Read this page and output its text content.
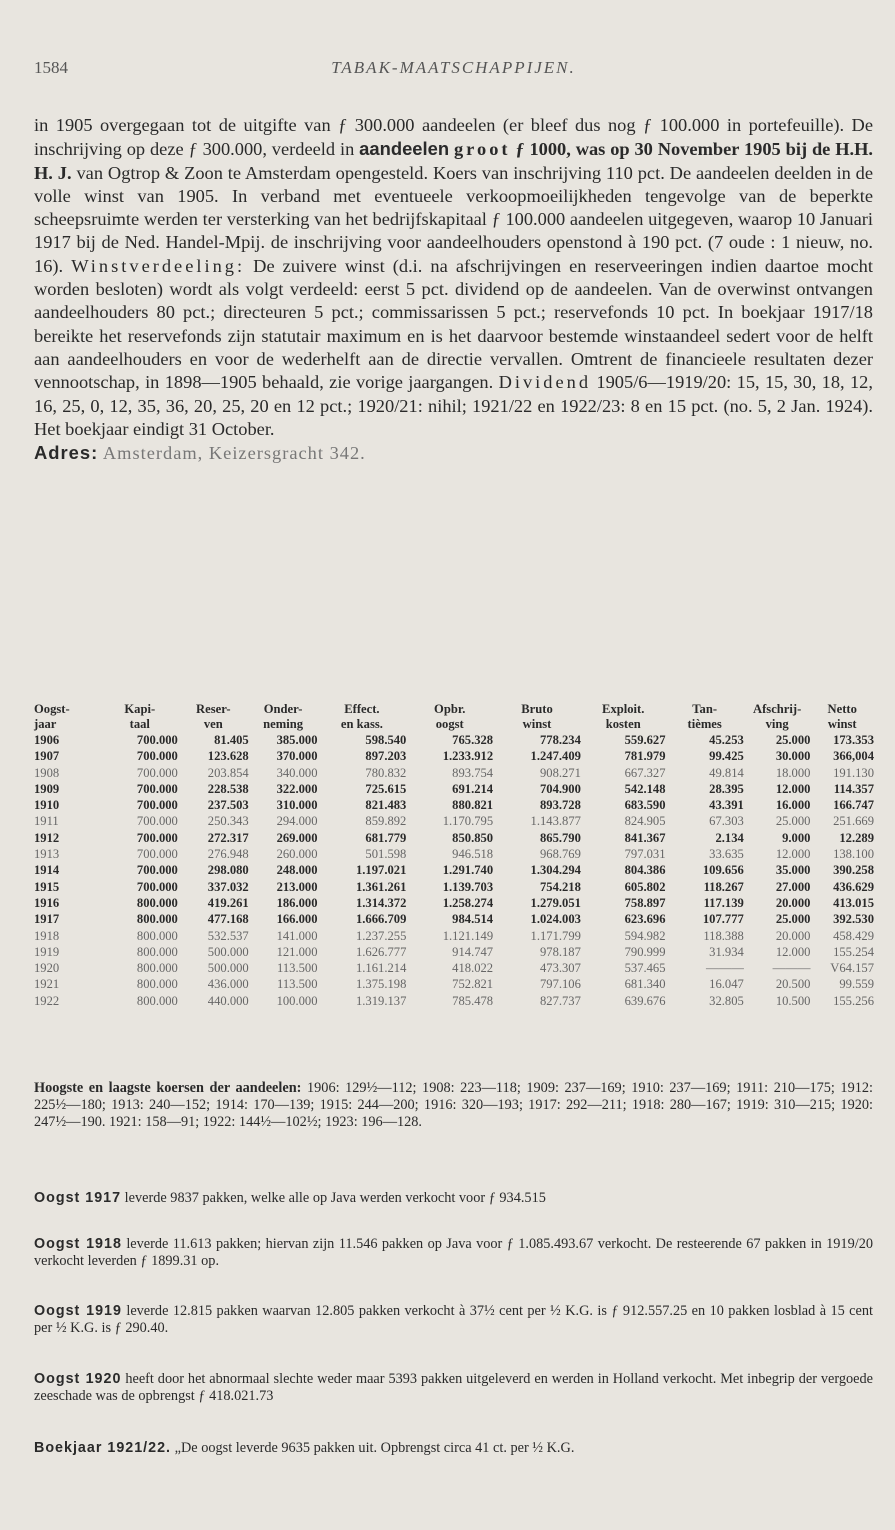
1584	TABAK-MAATSCHAPPIJEN.
in 1905 overgegaan tot de uitgifte van ƒ 300.000 aandeelen (er bleef dus nog ƒ 100.000 in portefeuille). De inschrijving op deze ƒ 300.000, verdeeld in aandeelen groot ƒ 1000, was op 30 November 1905 bij de H.H. H. J. van Ogtrop & Zoon te Amsterdam opengesteld. Koers van inschrijving 110 pct. De aandeelen deelden in de volle winst van 1905. In verband met eventueele verkoopmoeilijkheden tengevolge van de beperkte scheepsruimte werden ter versterking van het bedrijfskapitaal ƒ 100.000 aandeelen uitgegeven, waarop 10 Januari 1917 bij de Ned. Handel-Mpij. de inschrijving voor aandeelhouders openstond à 190 pct. (7 oude : 1 nieuw, no. 16). Winstverdeeling: De zuivere winst (d.i. na afschrijvingen en reserveeringen indien daartoe mocht worden besloten) wordt als volgt verdeeld: eerst 5 pct. dividend op de aandeelen. Van de overwinst ontvangen aandeelhouders 80 pct.; directeuren 5 pct.; commissarissen 5 pct.; reservefonds 10 pct. In boekjaar 1917/18 bereikte het reservefonds zijn statutair maximum en is het daarvoor bestemde winstaandeel sedert voor de helft aan aandeelhouders en voor de wederhelft aan de directie vervallen. Omtrent de financieele resultaten dezer vennootschap, in 1898—1905 behaald, zie vorige jaargangen. Dividend 1905/6—1919/20: 15, 15, 30, 18, 12, 16, 25, 0, 12, 35, 36, 20, 25, 20 en 12 pct.; 1920/21: nihil; 1921/22 en 1922/23: 8 en 15 pct. (no. 5, 2 Jan. 1924). Het boekjaar eindigt 31 October.
Adres: Amsterdam, Keizersgracht 342.
Oogst-	Kapi-	Reser-	Onder-	Effect.	Opbr.	Bruto	Exploit.	Tan-	Afschrij-	Netto
jaar	taal	ven	neming	en kass.	oogst	winst	kosten	tièmes	ving	winst
1906	700.000	81.405	385.000	598.540	765.328	778.234	559.627	45.253	25.000	173.353
1907	700.000	123.628	370.000	897.203	1.233.912	1.247.409	781.979	99.425	30.000	366,004
1908	700.000	203.854	340.000	780.832	893.754	908.271	667.327	49.814	18.000	191.130
1909	700.000	228.538	322.000	725.615	691.214	704.900	542.148	28.395	12.000	114.357
1910	700.000	237.503	310.000	821.483	880.821	893.728	683.590	43.391	16.000	166.747
1911	700.000	250.343	294.000	859.892	1.170.795	1.143.877	824.905	67.303	25.000	251.669
1912	700.000	272.317	269.000	681.779	850.850	865.790	841.367	2.134	9.000	12.289
1913	700.000	276.948	260.000	501.598	946.518	968.769	797.031	33.635	12.000	138.100
1914	700.000	298.080	248.000	1.197.021	1.291.740	1.304.294	804.386	109.656	35.000	390.258
1915	700.000	337.032	213.000	1.361.261	1.139.703	754.218	605.802	118.267	27.000	436.629
1916	800.000	419.261	186.000	1.314.372	1.258.274	1.279.051	758.897	117.139	20.000	413.015
1917	800.000	477.168	166.000	1.666.709	984.514	1.024.003	623.696	107.777	25.000	392.530
1918	800.000	532.537	141.000	1.237.255	1.121.149	1.171.799	594.982	118.388	20.000	458.429
1919	800.000	500.000	121.000	1.626.777	914.747	978.187	790.999	31.934	12.000	155.254
1920	800.000	500.000	113.500	1.161.214	418.022	473.307	537.465	———	———	V64.157
1921	800.000	436.000	113.500	1.375.198	752.821	797.106	681.340	16.047	20.500	99.559
1922	800.000	440.000	100.000	1.319.137	785.478	827.737	639.676	32.805	10.500	155.256
Hoogste en laagste koersen der aandeelen: 1906: 129½—112; 1908: 223—118; 1909: 237—169; 1910: 237—169; 1911: 210—175; 1912: 225½—180; 1913: 240—152; 1914: 170—139; 1915: 244—200; 1916: 320—193; 1917: 292—211; 1918: 280—167; 1919: 310—215; 1920: 247½—190. 1921: 158—91; 1922: 144½—102½; 1923: 196—128.
Oogst 1917 leverde 9837 pakken, welke alle op Java werden verkocht voor ƒ 934.515
Oogst 1918 leverde 11.613 pakken; hiervan zijn 11.546 pakken op Java voor ƒ 1.085.493.67 verkocht. De resteerende 67 pakken in 1919/20 verkocht leverden ƒ 1899.31 op.
Oogst 1919 leverde 12.815 pakken waarvan 12.805 pakken verkocht à 37½ cent per ½ K.G. is ƒ 912.557.25 en 10 pakken losblad à 15 cent per ½ K.G. is ƒ 290.40.
Oogst 1920 heeft door het abnormaal slechte weder maar 5393 pakken uitgeleverd en werden in Holland verkocht. Met inbegrip der vergoede zeeschade was de opbrengst ƒ 418.021.73
Boekjaar 1921/22. „De oogst leverde 9635 pakken uit. Opbrengst circa 41 ct. per ½ K.G.
